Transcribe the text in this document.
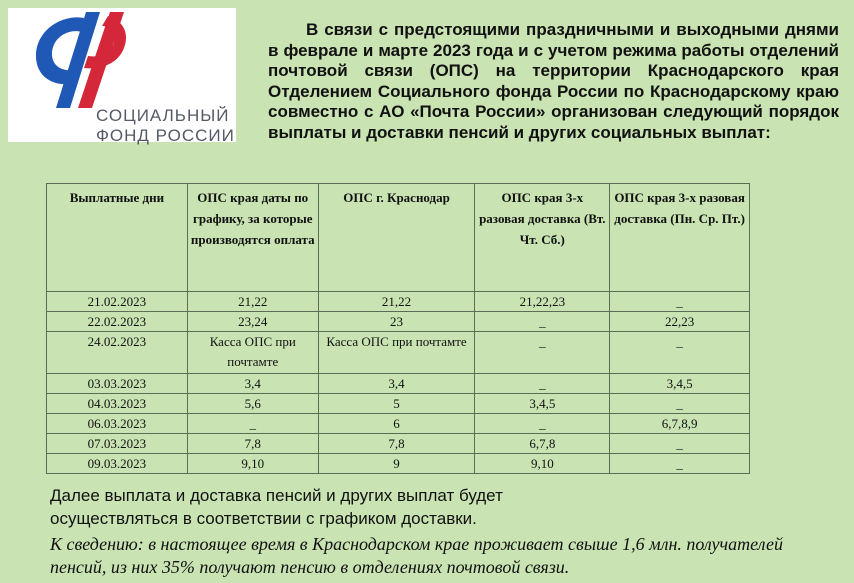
СОЦИАЛЬНЫЙ
ФОНД РОССИИ

В связи с предстоящими праздничными и выходными днями в феврале и марте 2023 года и с учетом режима работы отделений почтовой связи (ОПС) на территории Краснодарского края Отделением Социального фонда России по Краснодарскому краю совместно с АО «Почта России» организован следующий порядок выплаты и доставки пенсий и других социальных выплат:

Выплатные дни	ОПС края даты по графику, за которые производятся оплата	ОПС г. Краснодар	ОПС края 3-х разовая доставка (Вт. Чт. Сб.)	ОПС края 3-х разовая доставка (Пн. Ср. Пт.)
21.02.2023	21,22	21,22	21,22,23	_
22.02.2023	23,24	23	_	22,23
24.02.2023	Касса ОПС при почтамте	Касса ОПС при почтамте	_	_
03.03.2023	3,4	3,4	_	3,4,5
04.03.2023	5,6	5	3,4,5	_
06.03.2023	_	6	_	6,7,8,9
07.03.2023	7,8	7,8	6,7,8	_
09.03.2023	9,10	9	9,10	_

Далее выплата и доставка пенсий и других выплат будет осуществляться в соответствии с графиком доставки.

К сведению: в настоящее время в Краснодарском крае проживает свыше 1,6 млн. получателей пенсий, из них 35% получают пенсию в отделениях почтовой связи.
